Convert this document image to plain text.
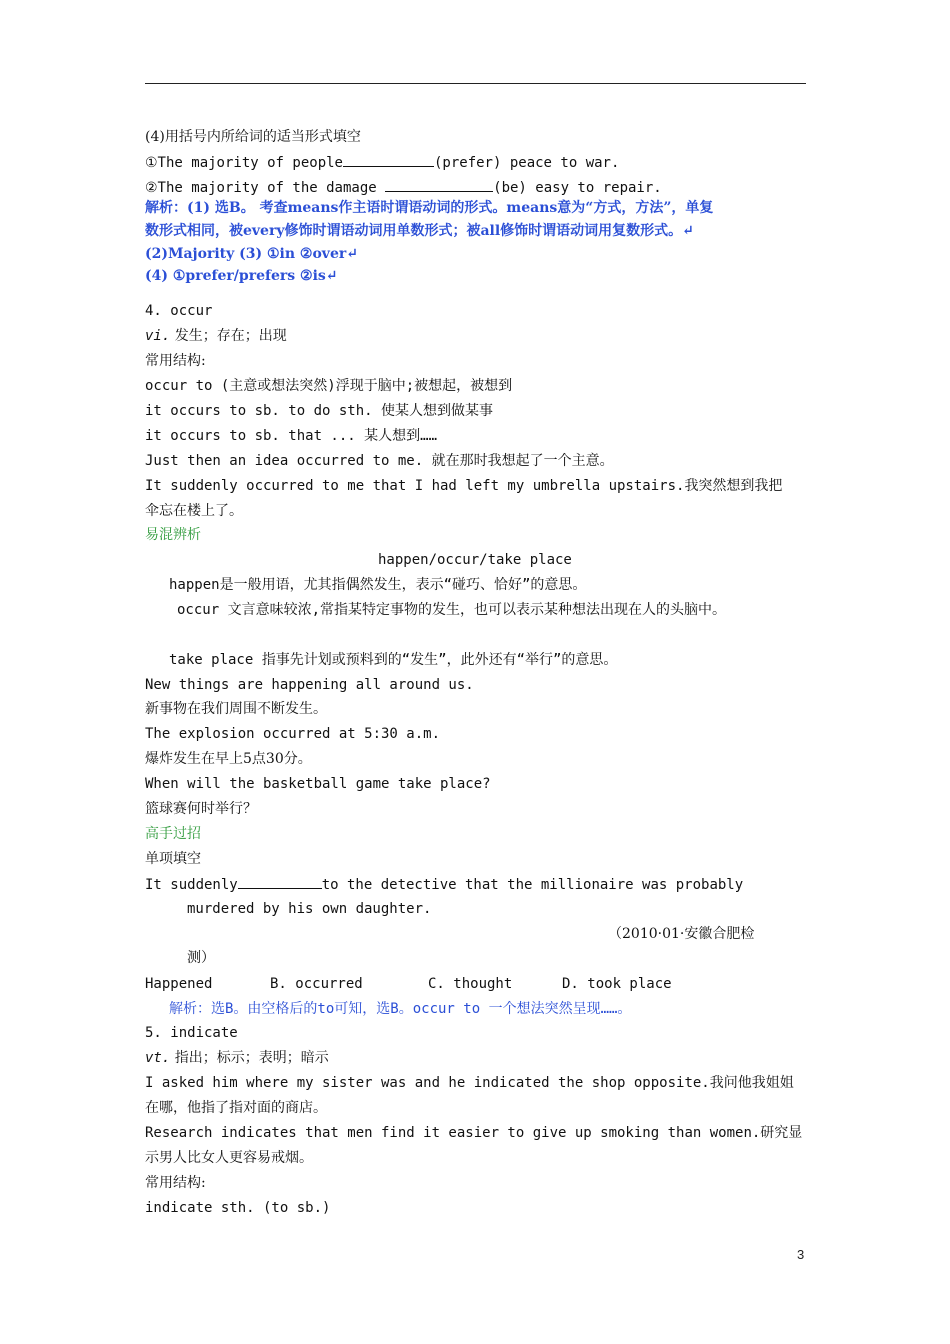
(4)用括号内所给词的适当形式填空
①The majority of people	(prefer) peace to war.
②The majority of the damage	(be) easy to repair.
解析：(1) 选B。 考查means作主语时谓语动词的形式。means意为“方式，方法”，单复
数形式相同，被every修饰时谓语动词用单数形式；被all修饰时谓语动词用复数形式。↵
(2)Majority (3) ①in ②over↵
(4) ①prefer/prefers ②is↵
4. occur
vi. 发生；存在；出现
常用结构:
occur to (主意或想法突然)浮现于脑中;被想起，被想到
it occurs to sb. to do sth. 使某人想到做某事
it occurs to sb. that ... 某人想到……
Just then an idea occurred to me. 就在那时我想起了一个主意。
It suddenly occurred to me that I had left my umbrella upstairs.我突然想到我把
伞忘在楼上了。
易混辨析
happen/occur/take place
happen是一般用语，尤其指偶然发生，表示“碰巧、恰好”的意思。
occur 文言意味较浓,常指某特定事物的发生，也可以表示某种想法出现在人的头脑中。
take place 指事先计划或预料到的“发生”，此外还有“举行”的意思。
New things are happening all around us.
新事物在我们周围不断发生。
The explosion occurred at 5:30 a.m.
爆炸发生在早上5点30分。
When will the basketball game take place?
篮球赛何时举行？
高手过招
单项填空
It suddenly	to the detective that the millionaire was probably
murdered by his own daughter.
（2010·01·安徽合肥检
测）
Happened	B. occurred	C. thought	D. took place
解析：选B。由空格后的to可知，选B。occur to 一个想法突然呈现……。
5. indicate
vt. 指出；标示；表明；暗示
I asked him where my sister was and he indicated the shop opposite.我问他我姐姐
在哪，他指了指对面的商店。
Research indicates that men find it easier to give up smoking than women.研究显
示男人比女人更容易戒烟。
常用结构:
indicate sth. (to sb.)
3
